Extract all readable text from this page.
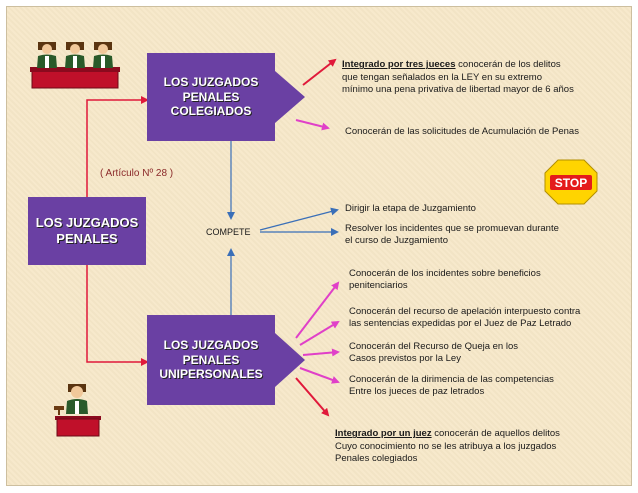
LOS JUZGADOS
PENALES
LOS JUZGADOS
PENALES
COLEGIADOS
LOS JUZGADOS
PENALES
UNIPERSONALES
( Artículo Nº 28 )
COMPETE

Integrado por tres jueces conocerán de los delitos
que tengan señalados en la LEY en su extremo
mínimo una pena privativa de libertad mayor de 6 años

Conocerán de las solicitudes de Acumulación de Penas
Dirigir la etapa de Juzgamiento
Resolver los incidentes que se promuevan durante
el curso de Juzgamiento
Conocerán de los incidentes sobre beneficios
penitenciarios
Conocerán del recurso de apelación interpuesto contra
las sentencias expedidas por el Juez de Paz Letrado
Conocerán del Recurso de Queja en los
Casos previstos por la Ley
Conocerán de la dirimencia de las competencias
Entre los jueces de paz letrados

Integrado por un juez conocerán de aquellos delitos
Cuyo conocimiento no se les atribuya a los juzgados
Penales colegiados

STOP
